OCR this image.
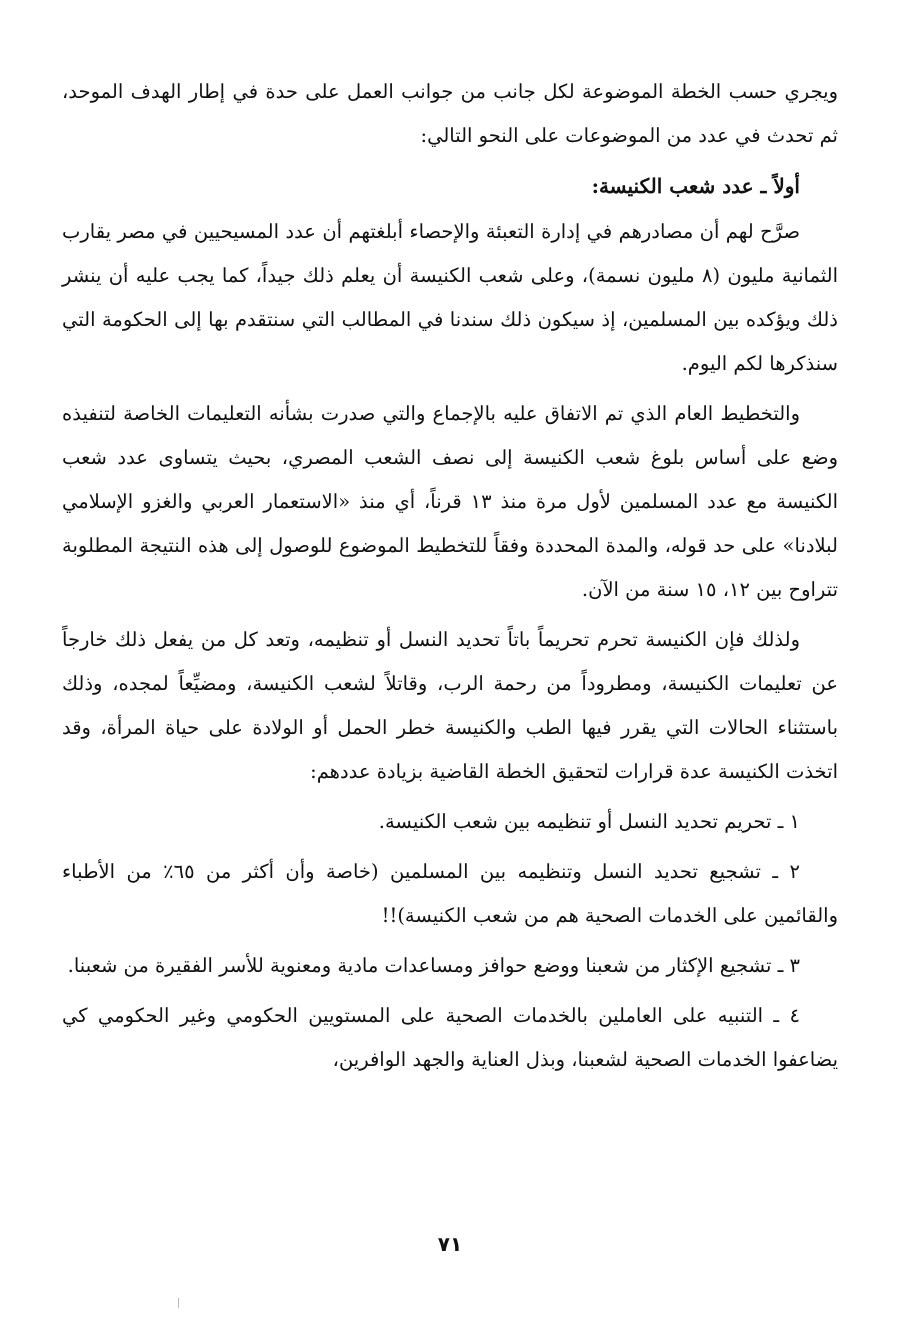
ويجري حسب الخطة الموضوعة لكل جانب من جوانب العمل على حدة في إطار الهدف الموحد، ثم تحدث في عدد من الموضوعات على النحو التالي:

أولاً ـ عدد شعب الكنيسة:

صرَّح لهم أن مصادرهم في إدارة التعبئة والإحصاء أبلغتهم أن عدد المسيحيين في مصر يقارب الثمانية مليون (٨ مليون نسمة)، وعلى شعب الكنيسة أن يعلم ذلك جيداً، كما يجب عليه أن ينشر ذلك ويؤكده بين المسلمين، إذ سيكون ذلك سندنا في المطالب التي سنتقدم بها إلى الحكومة التي سنذكرها لكم اليوم.

والتخطيط العام الذي تم الاتفاق عليه بالإجماع والتي صدرت بشأنه التعليمات الخاصة لتنفيذه وضع على أساس بلوغ شعب الكنيسة إلى نصف الشعب المصري، بحيث يتساوى عدد شعب الكنيسة مع عدد المسلمين لأول مرة منذ ١٣ قرناً، أي منذ «الاستعمار العربي والغزو الإسلامي لبلادنا» على حد قوله، والمدة المحددة وفقاً للتخطيط الموضوع للوصول إلى هذه النتيجة المطلوبة تتراوح بين ١٢، ١٥ سنة من الآن.

ولذلك فإن الكنيسة تحرم تحريماً باتاً تحديد النسل أو تنظيمه، وتعد كل من يفعل ذلك خارجاً عن تعليمات الكنيسة، ومطروداً من رحمة الرب، وقاتلاً لشعب الكنيسة، ومضيِّعاً لمجده، وذلك باستثناء الحالات التي يقرر فيها الطب والكنيسة خطر الحمل أو الولادة على حياة المرأة، وقد اتخذت الكنيسة عدة قرارات لتحقيق الخطة القاضية بزيادة عددهم:

١ ـ تحريم تحديد النسل أو تنظيمه بين شعب الكنيسة.

٢ ـ تشجيع تحديد النسل وتنظيمه بين المسلمين (خاصة وأن أكثر من ٦٥٪ من الأطباء والقائمين على الخدمات الصحية هم من شعب الكنيسة)!!

٣ ـ تشجيع الإكثار من شعبنا ووضع حوافز ومساعدات مادية ومعنوية للأسر الفقيرة من شعبنا.

٤ ـ التنبيه على العاملين بالخدمات الصحية على المستويين الحكومي وغير الحكومي كي يضاعفوا الخدمات الصحية لشعبنا، وبذل العناية والجهد الوافرين،

٧١
